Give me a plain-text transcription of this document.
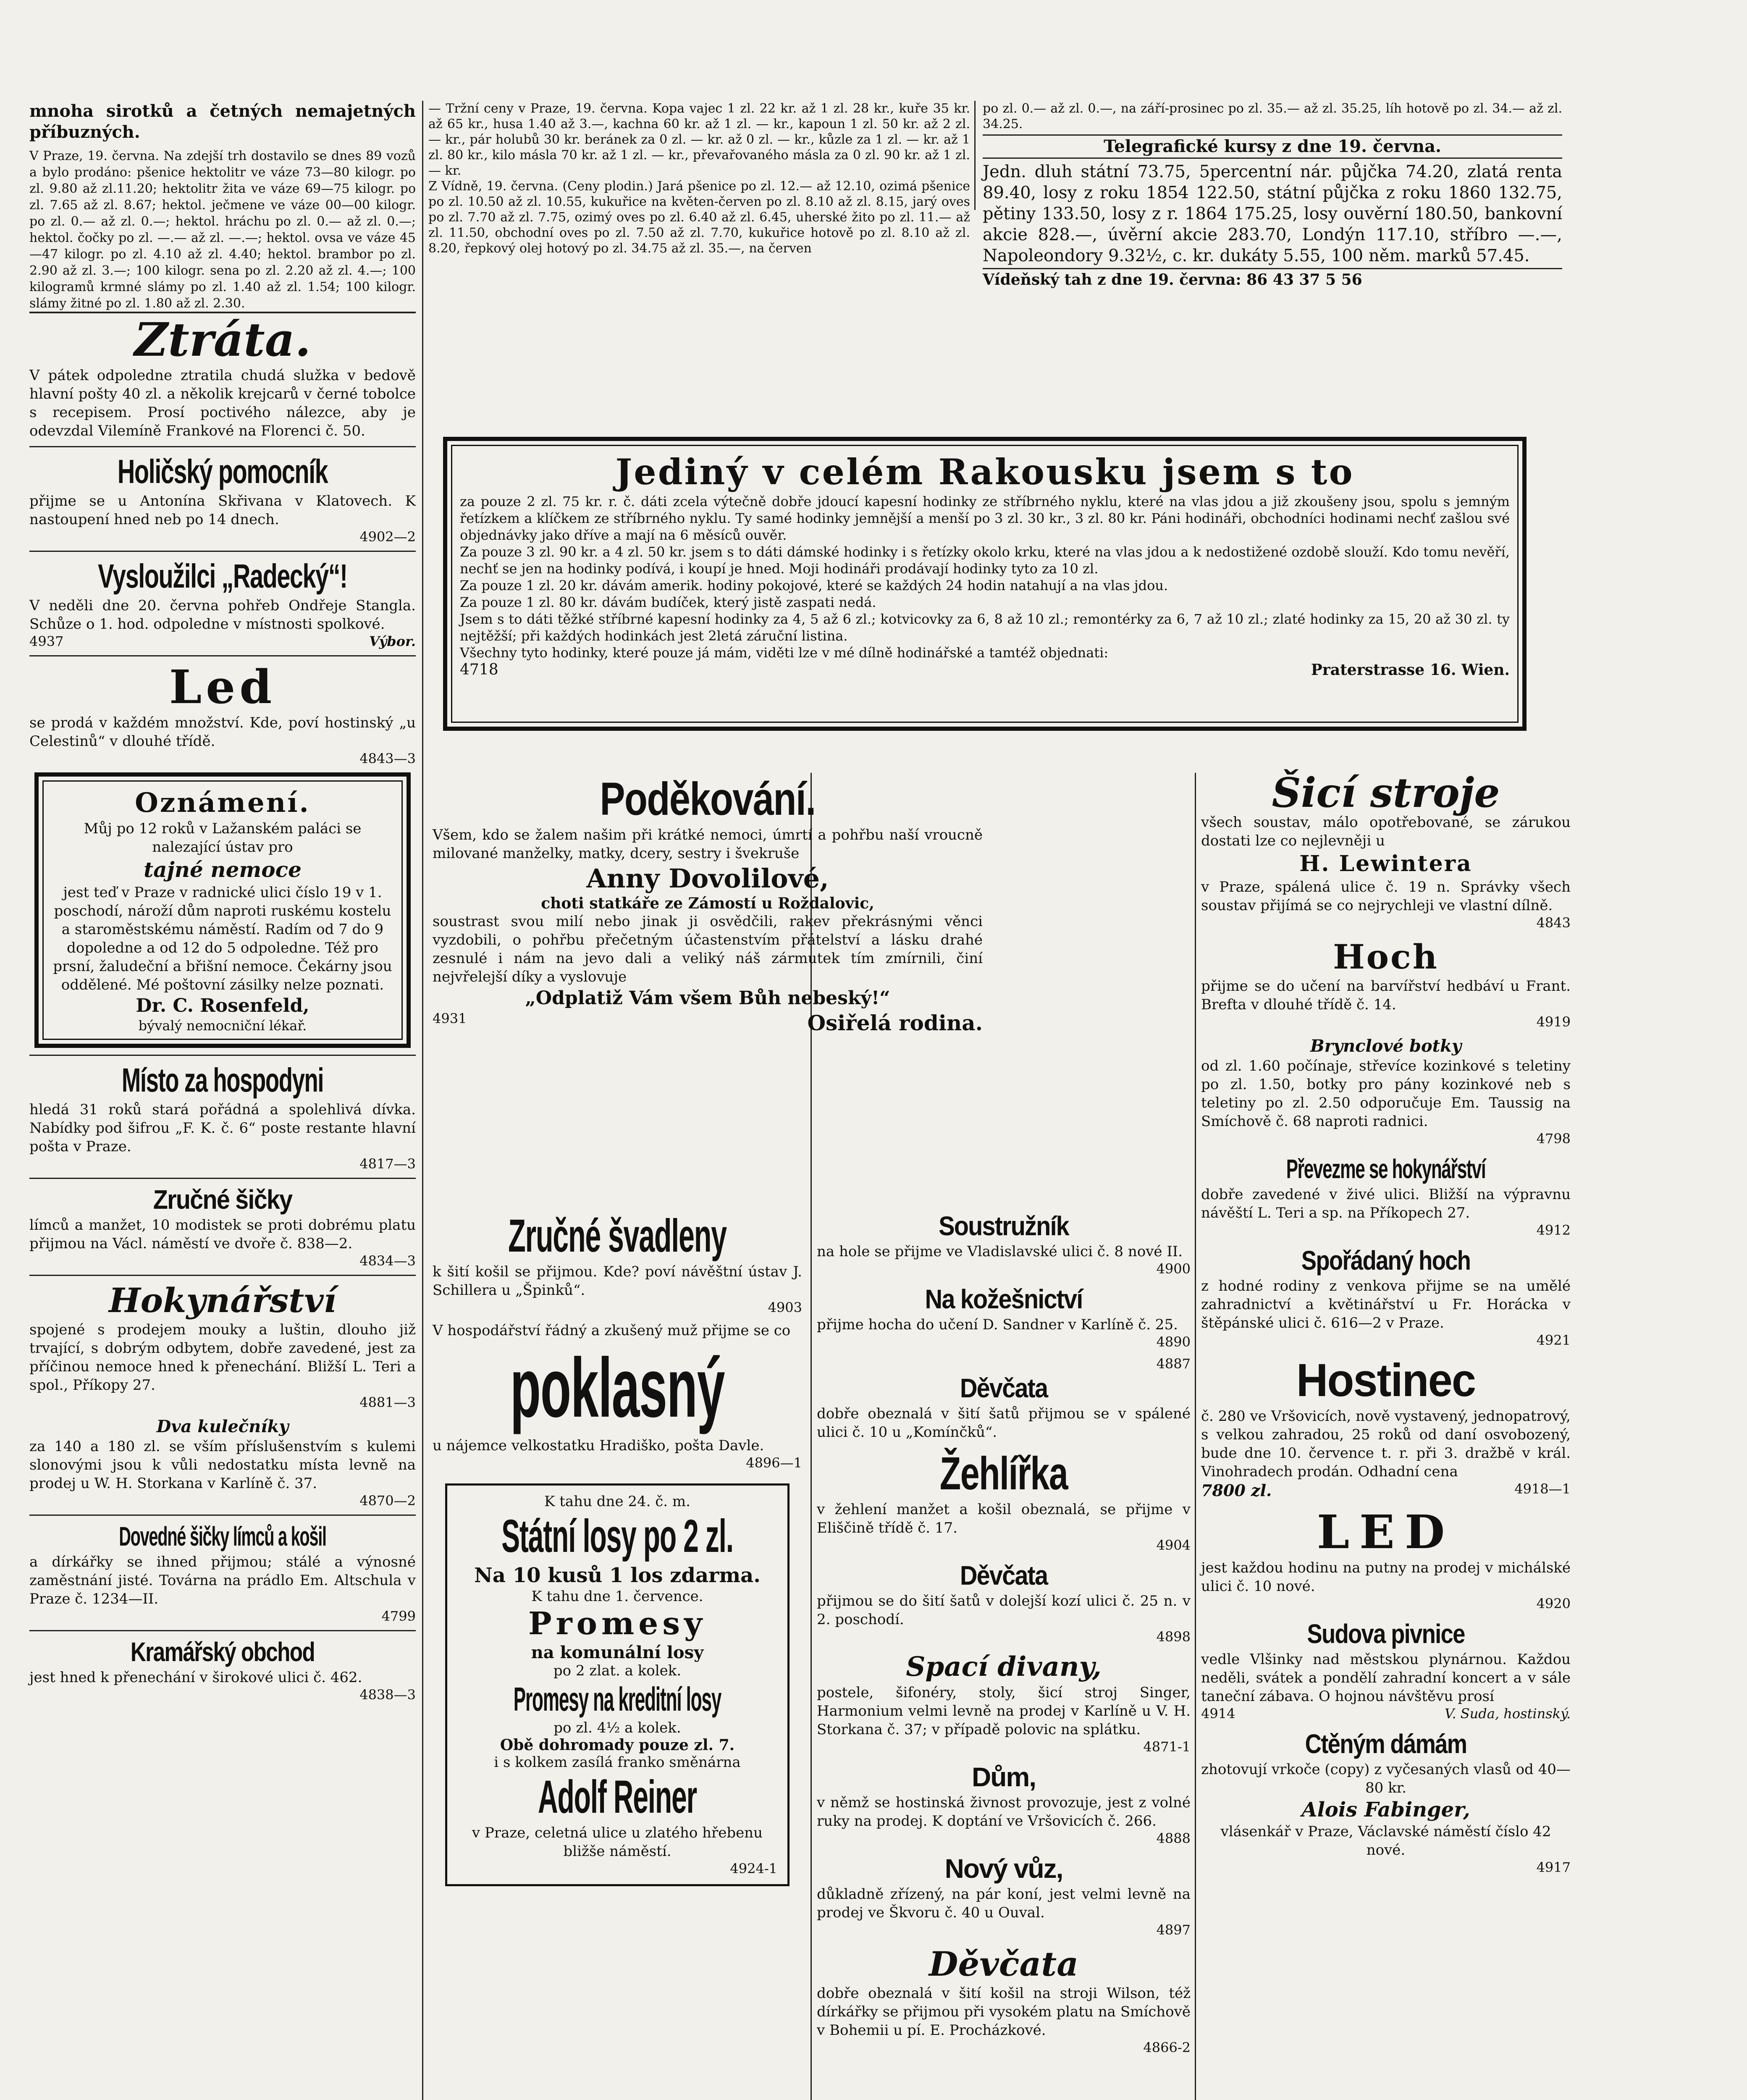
mnoha sirotků a četných nemajetných příbuzných.

V Praze, 19. června. Na zdejší trh dostavilo se dnes 89 vozů a bylo prodáno: pšenice hektolitr ve váze 73—80 kilogr. po zl. 9.80 až zl.11.20; hektolitr žita ve váze 69—75 kilogr. po zl. 7.65 až zl. 8.67; hektol. ječmene ve váze 00—00 kilogr. po zl. 0.— až zl. 0.—; hektol. hráchu po zl. 0.— až zl. 0.—; hektol. čočky po zl. —.— až zl. —.—; hektol. ovsa ve váze 45—47 kilogr. po zl. 4.10 až zl. 4.40; hektol. brambor po zl. 2.90 až zl. 3.—; 100 kilogr. sena po zl. 2.20 až zl. 4.—; 100 kilogramů krmné slámy po zl. 1.40 až zl. 1.54; 100 kilogr. slámy žitné po zl. 1.80 až zl. 2.30.

Ztráta.

V pátek odpoledne ztratila chudá služka v bedově hlavní pošty 40 zl. a několik krejcarů v černé tobolce s recepisem. Prosí poctivého nálezce, aby je odevzdal Vilemíně Frankové na Florenci č. 50.

Holičský pomocník

přijme se u Antonína Skřivana v Klatovech. K nastoupení hned neb po 14 dnech.

4902—2
Vysloužilci „Radecký“!

V neděli dne 20. června pohřeb Ondřeje Stangla. Schůze o 1. hod. odpoledne v místnosti spolkové.

4937	Výbor.
Led

se prodá v každém množství. Kde, poví hostinský „u Celestinů“ v dlouhé třídě.

4843—3
Oznámení.

Můj po 12 roků v Lažanském paláci se nalezající ústav pro

tajné nemoce

jest teď v Praze v radnické ulici číslo 19 v 1. poschodí, nároží dům naproti ruskému kostelu a staroměstskému náměstí. Radím od 7 do 9 dopoledne a od 12 do 5 odpoledne. Též pro prsní, žaludeční a břišní nemoce. Čekárny jsou oddělené. Mé poštovní zásilky nelze poznati.

Dr. C. Rosenfeld,

bývalý nemocniční lékař.

Místo za hospodyni

hledá 31 roků stará pořádná a spolehlivá dívka. Nabídky pod šifrou „F. K. č. 6“ poste restante hlavní pošta v Praze.

4817—3
Zručné šičky

límců a manžet, 10 modistek se proti dobrému platu přijmou na Václ. náměstí ve dvoře č. 838—2.

4834—3
Hokynářství

spojené s prodejem mouky a luštin, dlouho již trvající, s dobrým odbytem, dobře zavedené, jest za příčinou nemoce hned k přenechání. Bližší L. Teri a spol., Příkopy 27.

4881—3
Dva kulečníky

za 140 a 180 zl. se vším příslušenstvím s kulemi slonovými jsou k vůli nedostatku místa levně na prodej u W. H. Storkana v Karlíně č. 37.

4870—2
Dovedné šičky límců a košil

a dírkářky se ihned přijmou; stálé a výnosné zaměstnání jisté. Továrna na prádlo Em. Altschula v Praze č. 1234—II.

4799
Kramářský obchod

jest hned k přenechání v širokové ulici č. 462.

4838—3

— Tržní ceny v Praze, 19. června. Kopa vajec 1 zl. 22 kr. až 1 zl. 28 kr., kuře 35 kr. až 65 kr., husa 1.40 až 3.—, kachna 60 kr. až 1 zl. — kr., kapoun 1 zl. 50 kr. až 2 zl. — kr., pár holubů 30 kr. beránek za 0 zl. — kr. až 0 zl. — kr., kůzle za 1 zl. — kr. až 1 zl. 80 kr., kilo másla 70 kr. až 1 zl. — kr., převařovaného másla za 0 zl. 90 kr. až 1 zl. — kr.

Z Vídně, 19. června. (Ceny plodin.) Jará pšenice po zl. 12.— až 12.10, ozimá pšenice po zl. 10.50 až zl. 10.55, kukuřice na květen-červen po zl. 8.10 až zl. 8.15, jarý oves po zl. 7.70 až zl. 7.75, ozimý oves po zl. 6.40 až zl. 6.45, uherské žito po zl. 11.— až zl. 11.50, obchodní oves po zl. 7.50 až zl. 7.70, kukuřice hotově po zl. 8.10 až zl. 8.20, řepkový olej hotový po zl. 34.75 až zl. 35.—, na červen

po zl. 0.— až zl. 0.—, na září-prosinec po zl. 35.— až zl. 35.25, líh hotově po zl. 34.— až zl. 34.25.

Telegrafické kursy z dne 19. června.

Jedn. dluh státní 73.75, 5percentní nár. půjčka 74.20, zlatá renta 89.40, losy z roku 1854 122.50, státní půjčka z roku 1860 132.75, pětiny 133.50, losy z r. 1864 175.25, losy ouvěrní 180.50, bankovní akcie 828.—, úvěrní akcie 283.70, Londýn 117.10, stříbro —.—, Napoleondory 9.32½, c. kr. dukáty 5.55, 100 něm. marků 57.45.

Vídeňský tah z dne 19. června: 86 43 37 5 56

Jediný v celém Rakousku jsem s to

za pouze 2 zl. 75 kr. r. č. dáti zcela výtečně dobře jdoucí kapesní hodinky ze stříbrného nyklu, které na vlas jdou a již zkoušeny jsou, spolu s jemným řetízkem a klíčkem ze stříbrného nyklu. Ty samé hodinky jemnější a menší po 3 zl. 30 kr., 3 zl. 80 kr. Páni hodináři, obchodníci hodinami nechť zašlou své objednávky jako dříve a mají na 6 měsíců ouvěr.

Za pouze 3 zl. 90 kr. a 4 zl. 50 kr. jsem s to dáti dámské hodinky i s řetízky okolo krku, které na vlas jdou a k nedostižené ozdobě slouží. Kdo tomu nevěří, nechť se jen na hodinky podívá, i koupí je hned. Moji hodináři prodávají hodinky tyto za 10 zl.

Za pouze 1 zl. 20 kr. dávám amerik. hodiny pokojové, které se každých 24 hodin natahují a na vlas jdou.

Za pouze 1 zl. 80 kr. dávám budíček, který jistě zaspati nedá.

Jsem s to dáti těžké stříbrné kapesní hodinky za 4, 5 až 6 zl.; kotvicovky za 6, 8 až 10 zl.; remontérky za 6, 7 až 10 zl.; zlaté hodinky za 15, 20 až 30 zl. ty nejtěžší; při každých hodinkách jest 2letá záruční listina.

Všechny tyto hodinky, které pouze já mám, viděti lze v mé dílně hodinářské a tamtéž objednati:

4718	Praterstrasse 16. Wien.
Poděkování.

Všem, kdo se žalem našim při krátké nemoci, úmrtí a pohřbu naší vroucně milované manželky, matky, dcery, sestry i švekruše

Anny Dovolilové,

choti statkáře ze Zámostí u Roždalovic,

soustrast svou milí nebo jinak ji osvědčili, rakev překrásnými věnci vyzdobili, o pohřbu přečetným účastenstvím přátelství a lásku drahé zesnulé i nám na jevo dali a veliký náš zármutek tím zmírnili, činí nejvřelejší díky a vyslovuje

„Odplatiž Vám všem Bůh nebeský!“

4931	Osiřelá rodina.
Zručné švadleny

k šití košil se přijmou. Kde? poví návěštní ústav J. Schillera u „Špinků“.

4903

V hospodářství řádný a zkušený muž přijme se co

poklasný

u nájemce velkostatku Hradiško, pošta Davle.

4896—1

K tahu dne 24. č. m.

Státní losy po 2 zl.

Na 10 kusů 1 los zdarma.

K tahu dne 1. července.

Promesy

na komunální losy

po 2 zlat. a kolek.

Promesy na kreditní losy

po zl. 4½ a kolek.

Obě dohromady pouze zl. 7.

i s kolkem zasílá franko směnárna

Adolf Reiner

v Praze, celetná ulice u zlatého hřebenu bližše náměstí.

4924-1
Soustružník

na hole se přijme ve Vladislavské ulici č. 8 nové II.

4900
Na kožešnictví

přijme hocha do učení D. Sandner v Karlíně č. 25.

4890
4887
Děvčata

dobře obeznalá v šití šatů přijmou se v spálené ulici č. 10 u „Komínčků“.

Žehlířka

v žehlení manžet a košil obeznalá, se přijme v Eliščině třídě č. 17.

4904
Děvčata

přijmou se do šití šatů v dolejší kozí ulici č. 25 n. v 2. poschodí.

4898
Spací divany,

postele, šifonéry, stoly, šicí stroj Singer, Harmonium velmi levně na prodej v Karlíně u V. H. Storkana č. 37; v případě polovic na splátku.

4871-1
Dům,

v němž se hostinská živnost provozuje, jest z volné ruky na prodej. K doptání ve Vršovicích č. 266.

4888
Nový vůz,

důkladně zřízený, na pár koní, jest velmi levně na prodej ve Škvoru č. 40 u Ouval.

4897
Děvčata

dobře obeznalá v šití košil na stroji Wilson, též dírkářky se přijmou při vysokém platu na Smíchově v Bohemii u pí. E. Procházkové.

4866-2
Šicí stroje

všech soustav, málo opotřebované, se zárukou dostati lze co nejlevněji u

H. Lewintera

v Praze, spálená ulice č. 19 n. Správky všech soustav přijímá se co nejrychleji ve vlastní dílně.

4843
Hoch

přijme se do učení na barvířství hedbáví u Frant. Brefta v dlouhé třídě č. 14.

4919
Brynclové botky

od zl. 1.60 počínaje, střevíce kozinkové s teletiny po zl. 1.50, botky pro pány kozinkové neb s teletiny po zl. 2.50 odporučuje Em. Taussig na Smíchově č. 68 naproti radnici.

4798
Převezme se hokynářství

dobře zavedené v živé ulici. Bližší na výpravnu návěští L. Teri a sp. na Příkopech 27.

4912
Spořádaný hoch

z hodné rodiny z venkova přijme se na umělé zahradnictví a květinářství u Fr. Horácka v štěpánské ulici č. 616—2 v Praze.

4921
Hostinec

č. 280 ve Vršovicích, nově vystavený, jednopatrový, s velkou zahradou, 25 roků od daní osvobozený, bude dne 10. července t. r. při 3. dražbě v král. Vinohradech prodán. Odhadní cena

7800 zl.	4918—1
LED

jest každou hodinu na putny na prodej v michálské ulici č. 10 nové.

4920
Sudova pivnice

vedle Vlšinky nad městskou plynárnou. Každou neděli, svátek a pondělí zahradní koncert a v sále taneční zábava. O hojnou návštěvu prosí

4914	V. Suda, hostinský.
Ctěným dámám

zhotovují vrkoče (copy) z vyčesaných vlasů od 40—80 kr.

Alois Fabinger,

vlásenkář v Praze, Václavské náměstí číslo 42 nové.

4917
